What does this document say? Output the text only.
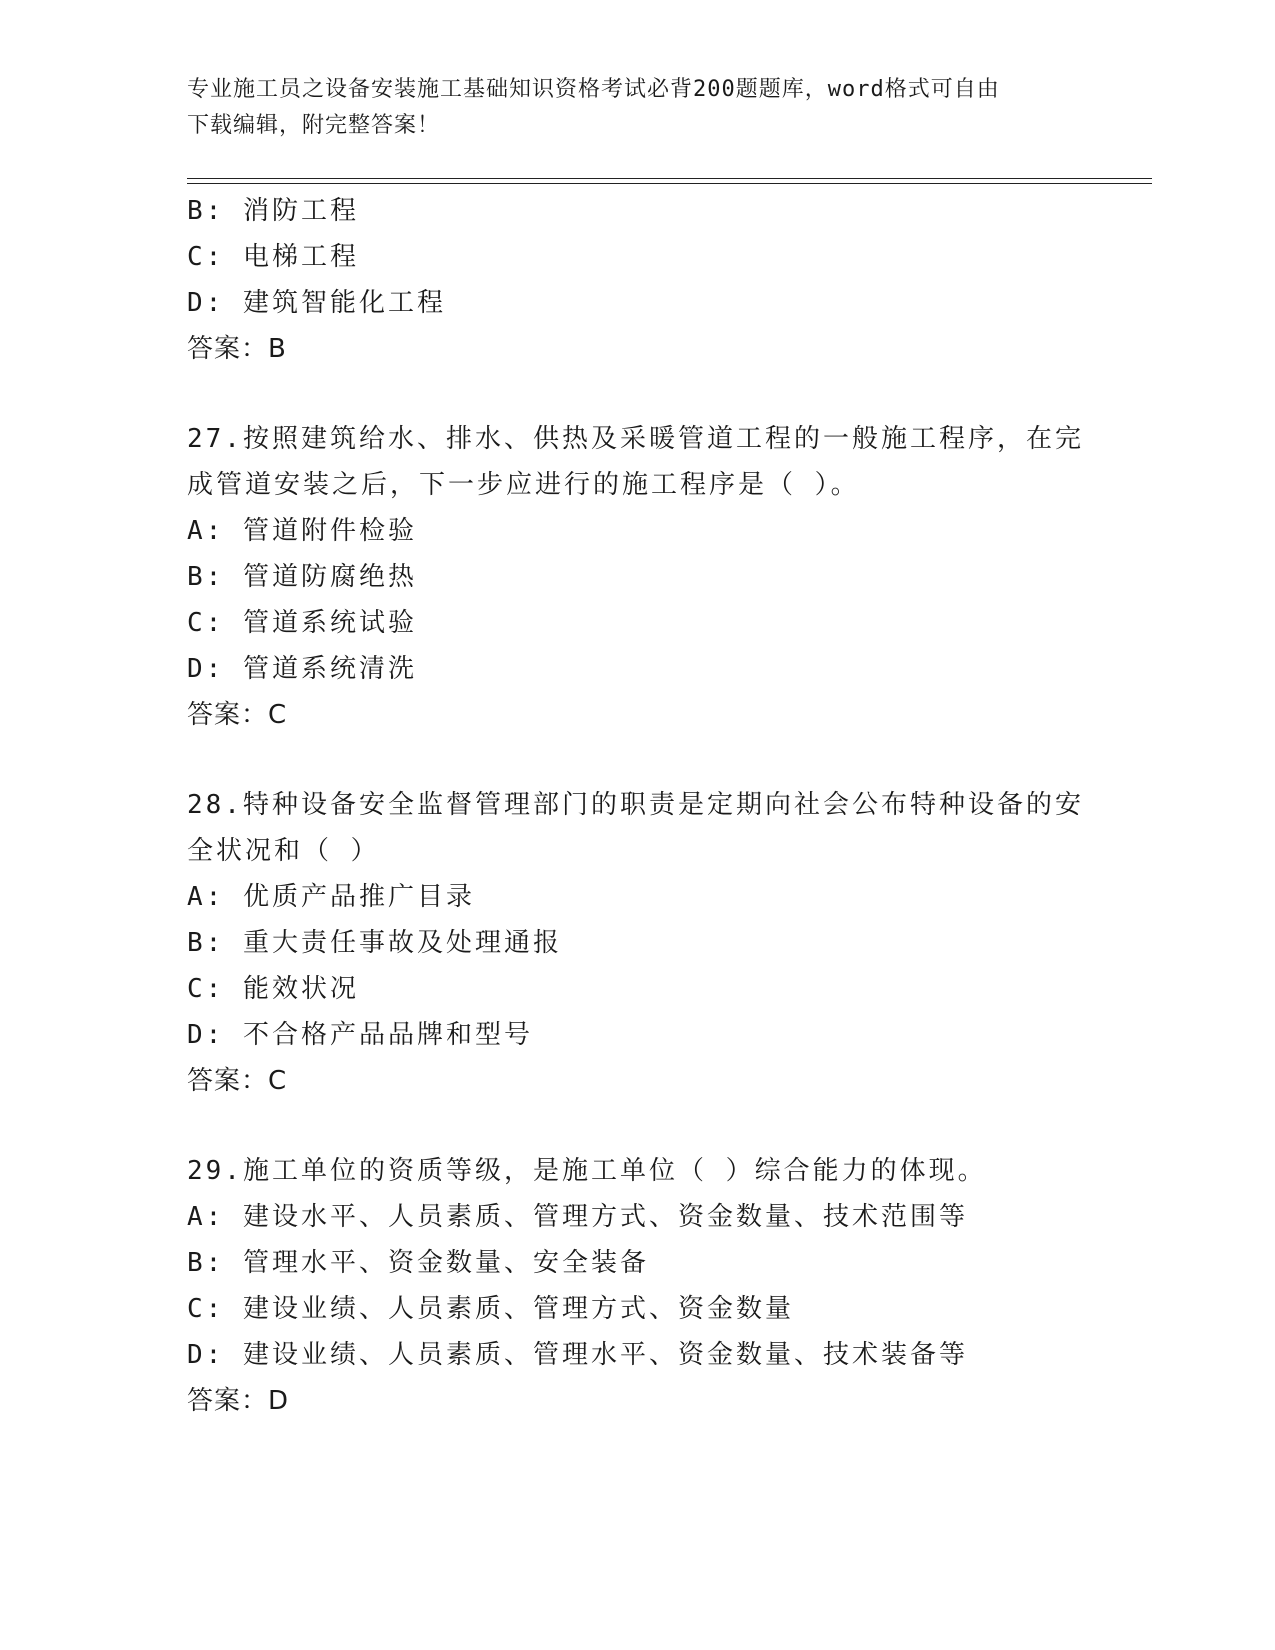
专业施工员之设备安装施工基础知识资格考试必背200题题库，word格式可自由
下载编辑，附完整答案！
B: 消防工程
C: 电梯工程
D: 建筑智能化工程
答案：B
27.按照建筑给水、排水、供热及采暖管道工程的一般施工程序，在完
成管道安装之后，下一步应进行的施工程序是（ ）。
A: 管道附件检验
B: 管道防腐绝热
C: 管道系统试验
D: 管道系统清洗
答案：C
28.特种设备安全监督管理部门的职责是定期向社会公布特种设备的安
全状况和（ ）
A: 优质产品推广目录
B: 重大责任事故及处理通报
C: 能效状况
D: 不合格产品品牌和型号
答案：C
29.施工单位的资质等级，是施工单位（ ）综合能力的体现。
A: 建设水平、人员素质、管理方式、资金数量、技术范围等
B: 管理水平、资金数量、安全装备
C: 建设业绩、人员素质、管理方式、资金数量
D: 建设业绩、人员素质、管理水平、资金数量、技术装备等
答案：D
